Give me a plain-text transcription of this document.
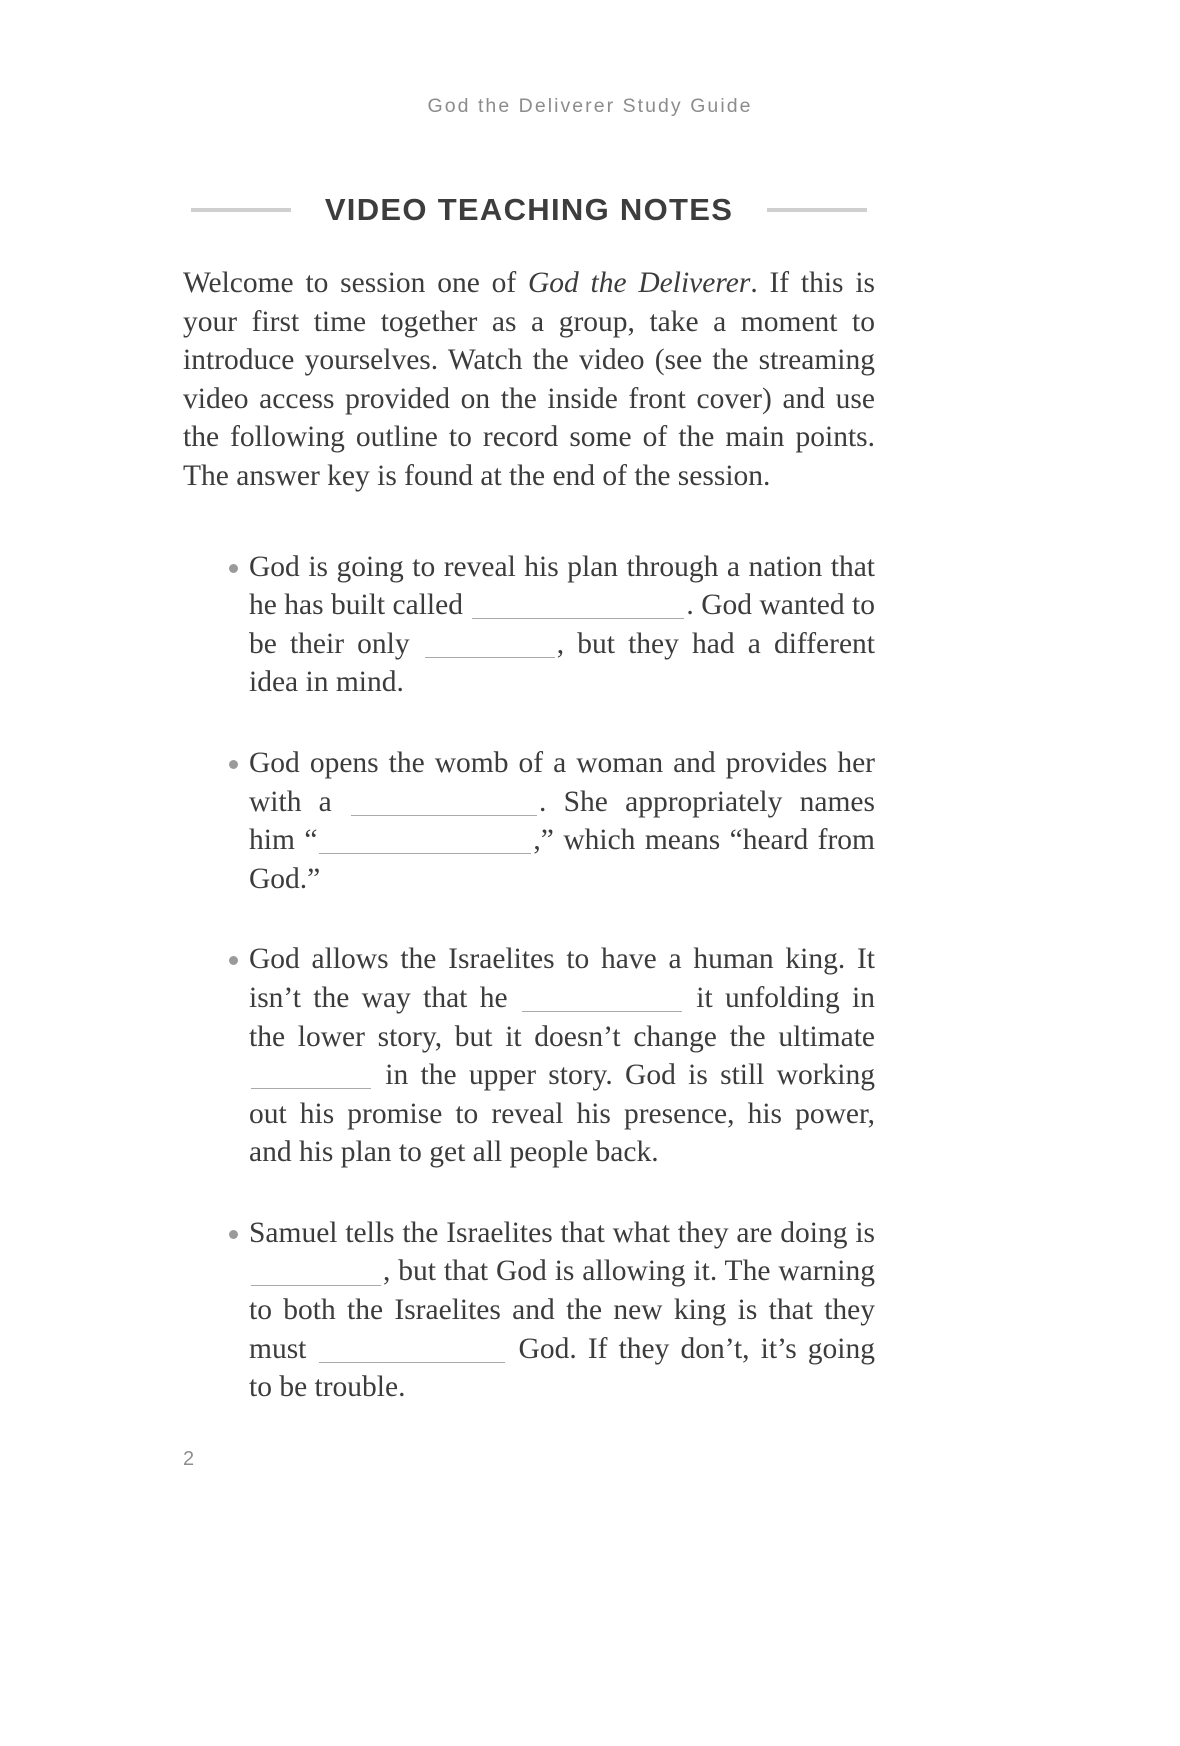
God the Deliverer Study Guide
VIDEO TEACHING NOTES

Welcome to session one of God the Deliverer. If this is your first time together as a group, take a moment to introduce yourselves. Watch the video (see the streaming video access provided on the inside front cover) and use the following outline to record some of the main points. The answer key is found at the end of the session.

God is going to reveal his plan through a nation that he has built called	. God wanted to be their only	, but they had a different idea in mind.

God opens the womb of a woman and provides her with a	. She appropriately names him “	,” which means “heard from God.”

God allows the Israelites to have a human king. It isn’t the way that he	it unfolding in the lower story, but it doesn’t change the ultimate  in the upper story. God is still working out his promise to reveal his presence, his power, and his plan to get all people back.

Samuel tells the Israelites that what they are doing is , but that God is allowing it. The warning to both the Israelites and the new king is that they must	God. If they don’t, it’s going to be trouble.

2
